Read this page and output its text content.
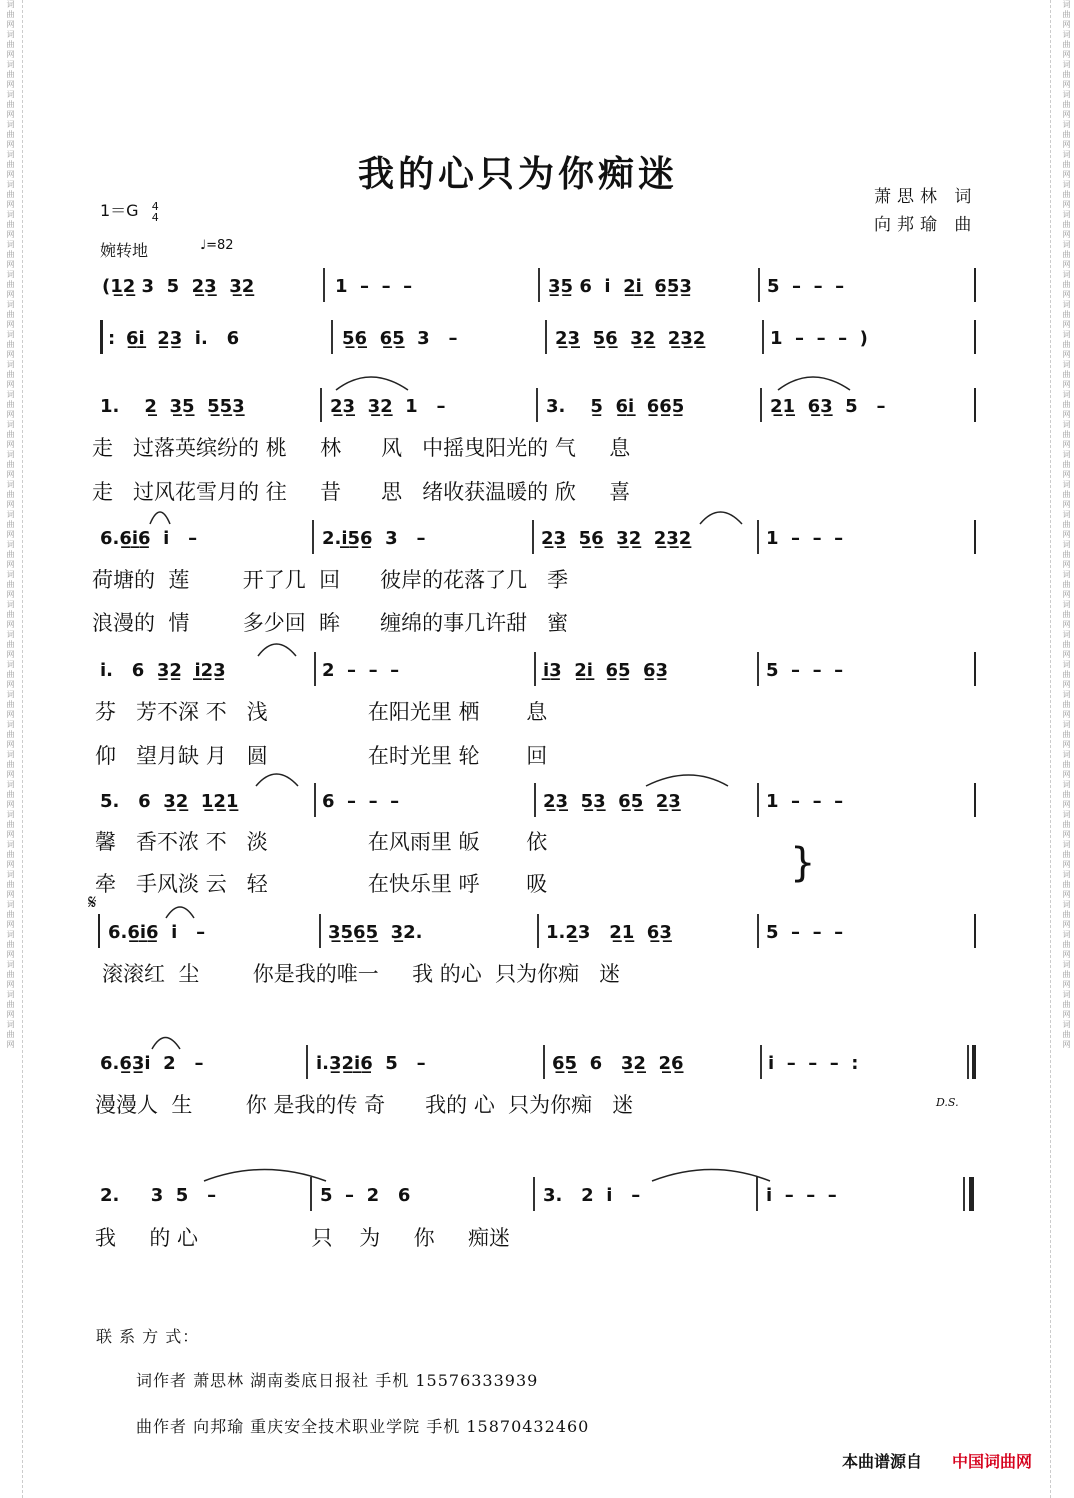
词曲网词曲网词曲网词曲网词曲网词曲网词曲网词曲网词曲网词曲网词曲网词曲网词曲网词曲网词曲网词曲网词曲网词曲网词曲网词曲网词曲网词曲网词曲网词曲网词曲网词曲网词曲网词曲网词曲网词曲网词曲网词曲网词曲网词曲网词曲网	词曲网词曲网词曲网词曲网词曲网词曲网词曲网词曲网词曲网词曲网词曲网词曲网词曲网词曲网词曲网词曲网词曲网词曲网词曲网词曲网词曲网词曲网词曲网词曲网词曲网词曲网词曲网词曲网词曲网词曲网词曲网词曲网词曲网词曲网词曲网
我的心只为你痴迷
1＝G 4
4
婉转地	♩=82
萧思林 词
向邦瑜 曲
(1̲2̲ 3  5  2̲3̲  3̲2̲	1  –  –  –	3̲5̲ 6  i  2̲i̲  6̲5̲3̲	5  –  –  –
: 6̲i̲  2̲3̲  i.   6	5̲6̲  6̲5̲  3   –	2̲3̲  5̲6̲  3̲2̲  2̲3̲2̲	1  –  –  –  )
1.    2̲  3̲5̲  5̲5̲3̲	2̲3̲  3̲2̲  1   –	3.    5̲  6̲i̲  6̲6̲5̲	2̲1̲  6̲3̲  5   –
走   过落英缤纷的 桃     林      风   中摇曳阳光的 气     息
走   过风花雪月的 往     昔      思   绪收获温暖的 欣     喜
6.6̲i̲6̲  i   –	2.i̲5̲6̲  3   –	2̲3̲  5̲6̲  3̲2̲  2̲3̲2̲	1  –  –  –
荷塘的  莲        开了几  回      彼岸的花落了几   季
浪漫的  情        多少回  眸      缠绵的事几许甜   蜜
i.   6  3̲2̲  i̲2̲3̲	2  –  –  –	i̲3̲  2̲i̲  6̲5̲  6̲3̲	5  –  –  –
芬   芳不深 不   浅               在阳光里 栖       息
仰   望月缺 月   圆               在时光里 轮       回
5.   6  3̲2̲  1̲2̲1̲	6  –  –  –	2̲3̲  5̲3̲  6̲5̲  2̲3̲	1  –  –  –
馨   香不浓 不   淡               在风雨里 皈       依
牵   手风淡 云   轻               在快乐里 呼       吸	}
𝄋
6.6̲i̲6̲  i   –	3̲5̲6̲5̲  3̲2.	1.2̲3   2̲1̲  6̲3̲	5  –  –  –
滚滚红  尘        你是我的唯一     我 的心  只为你痴   迷
6.6̲3̲i  2   –	i.3̲2̲i̲6̲  5   –	6̲5̲  6   3̲2̲  2̲6̲	i  –  –  –  :
漫漫人  生        你 是我的传 奇      我的 心  只为你痴   迷	D.S.
2.     3  5   –	5  –  2   6	3.   2  i   –	i  –  –  –
我     的 心                 只    为     你     痴迷
联 系 方 式：
词作者 萧思林 湖南娄底日报社 手机 15576333939
曲作者 向邦瑜 重庆安全技术职业学院 手机 15870432460
本曲谱源自 中国词曲网
